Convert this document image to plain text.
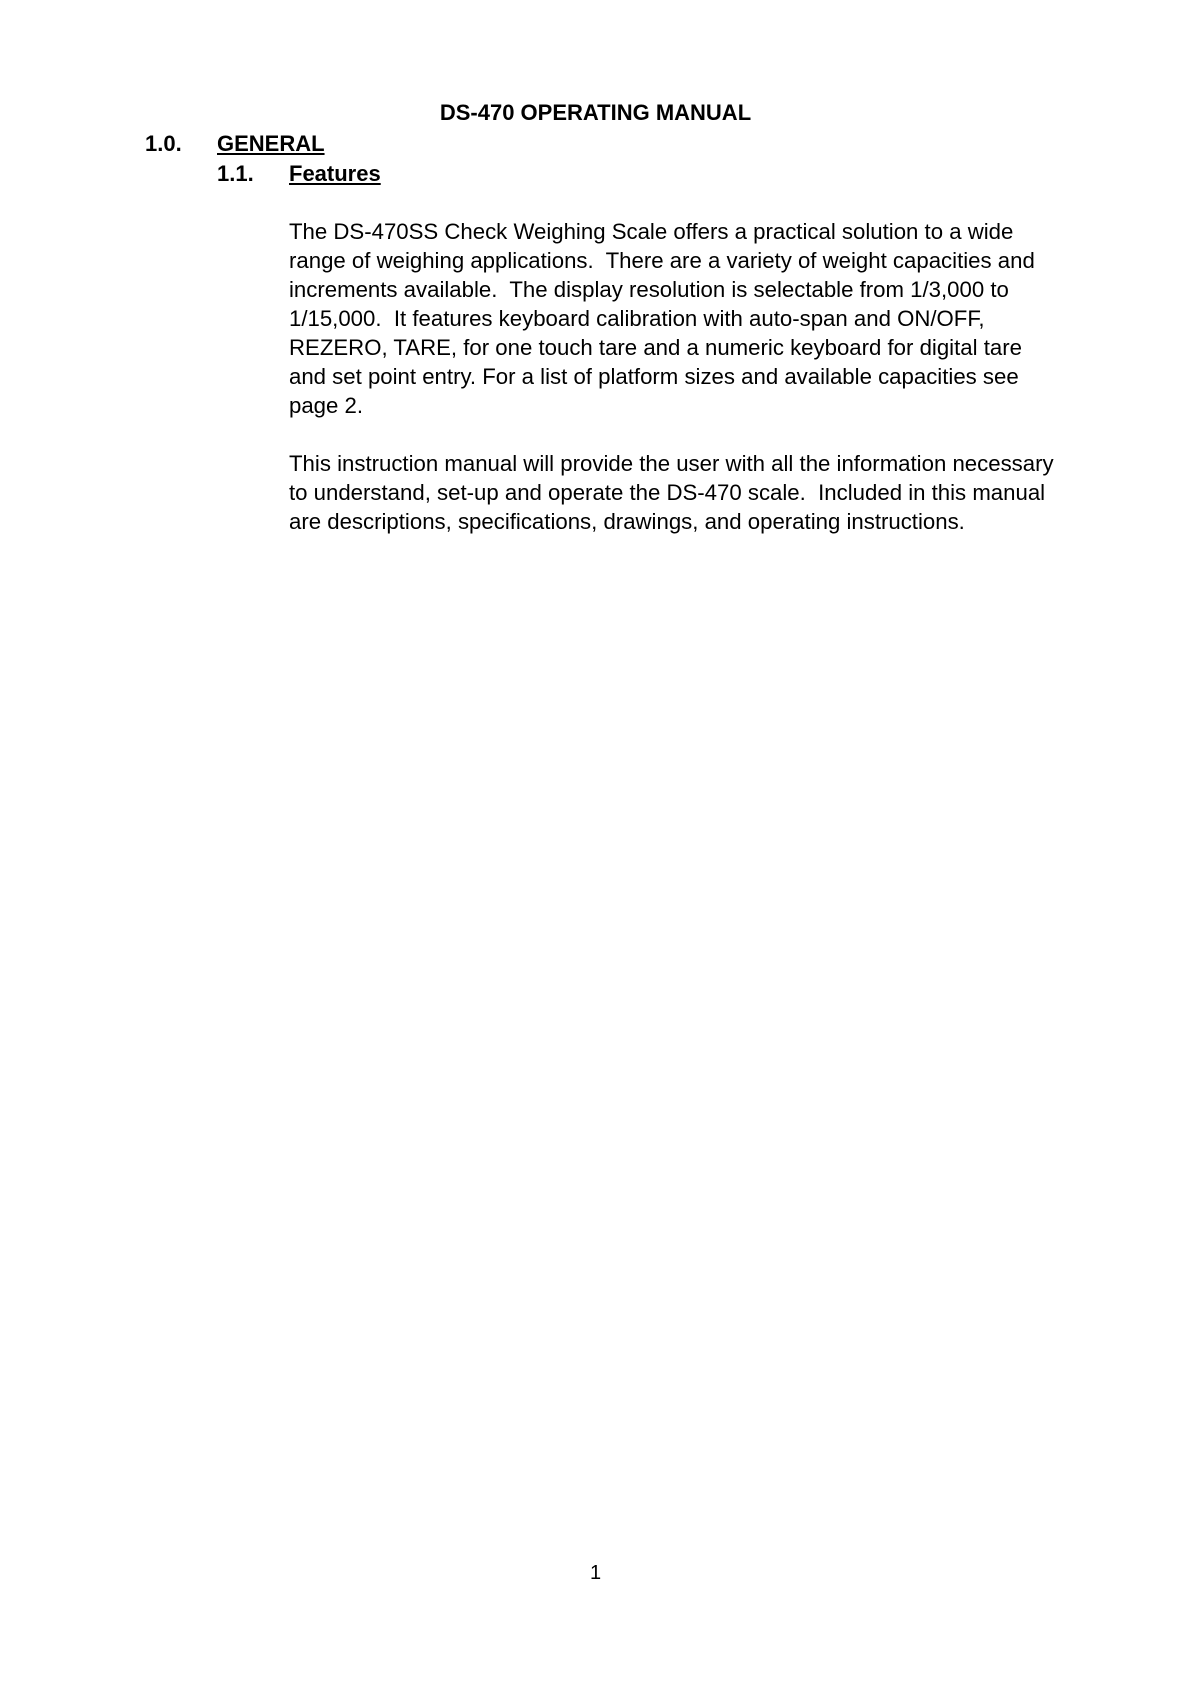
DS-470 OPERATING MANUAL
1.0. GENERAL
1.1. Features

The DS-470SS Check Weighing Scale offers a practical solution to a wide
range of weighing applications.  There are a variety of weight capacities and
increments available.  The display resolution is selectable from 1/3,000 to
1/15,000.  It features keyboard calibration with auto-span and ON/OFF,
REZERO, TARE, for one touch tare and a numeric keyboard for digital tare
and set point entry. For a list of platform sizes and available capacities see
page 2.

This instruction manual will provide the user with all the information necessary
to understand, set-up and operate the DS-470 scale.  Included in this manual
are descriptions, specifications, drawings, and operating instructions.

1
